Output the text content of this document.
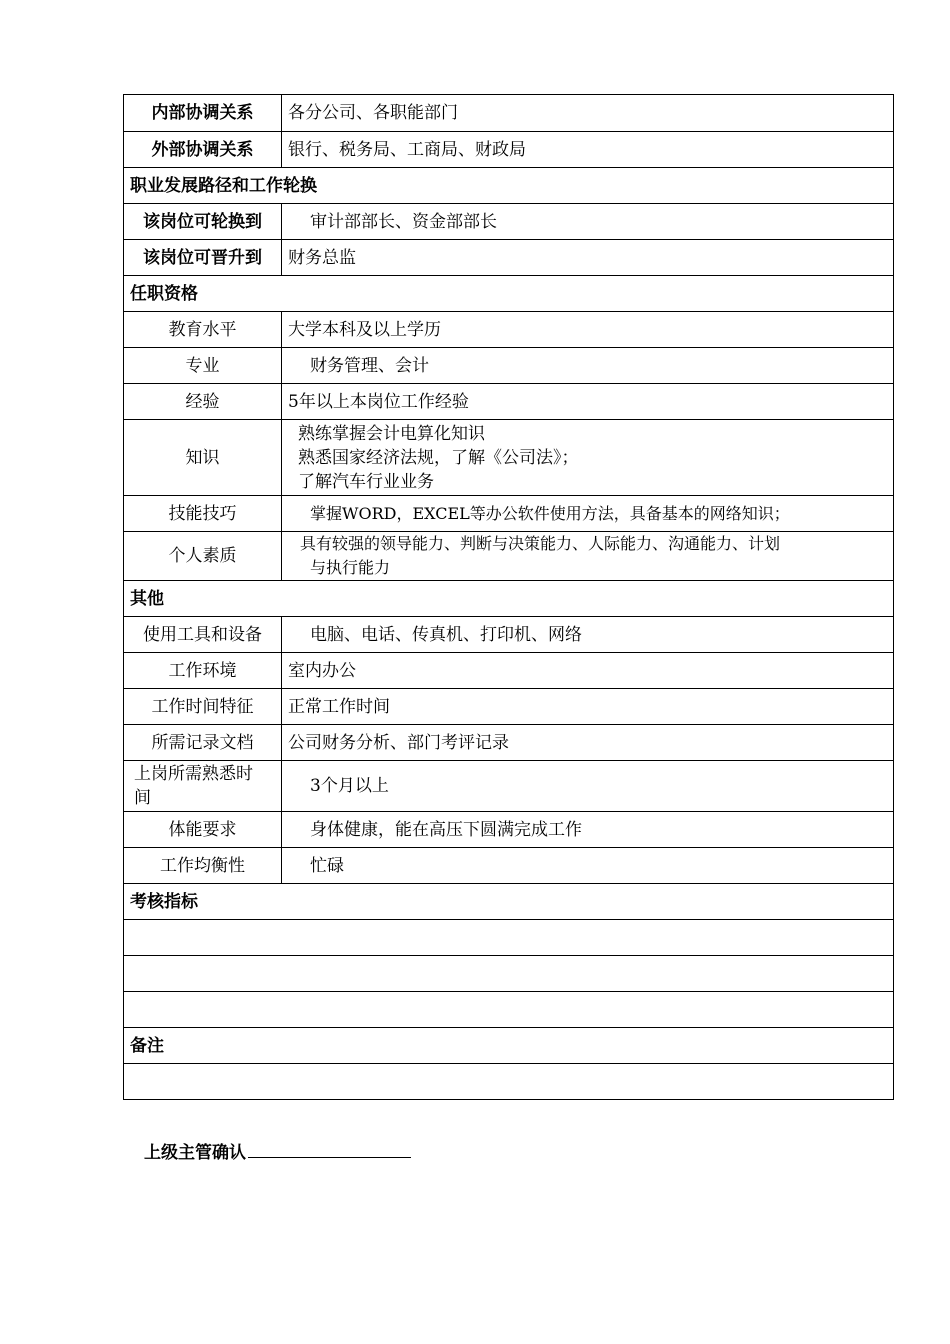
内部协调关系	各分公司、各职能部门
外部协调关系	银行、税务局、工商局、财政局
职业发展路径和工作轮换	
该岗位可轮换到	审计部部长、资金部部长
该岗位可晋升到	财务总监
任职资格	
教育水平	大学本科及以上学历
专业	财务管理、会计
经验	5年以上本岗位工作经验
知识	熟练掌握会计电算化知识
熟悉国家经济法规，了解《公司法》；
了解汽车行业业务

技能技巧	掌握WORD，EXCEL等办公软件使用方法，具备基本的网络知识；
个人素质	具有较强的领导能力、判断与决策能力、人际能力、沟通能力、计划
与执行能力

其他	
使用工具和设备	电脑、电话、传真机、打印机、网络
工作环境	室内办公
工作时间特征	正常工作时间
所需记录文档	公司财务分析、部门考评记录

上岗所需熟悉时
间	3个月以上
体能要求	身体健康，能在高压下圆满完成工作
工作均衡性	忙碌
考核指标	

备注	

上级主管确认
